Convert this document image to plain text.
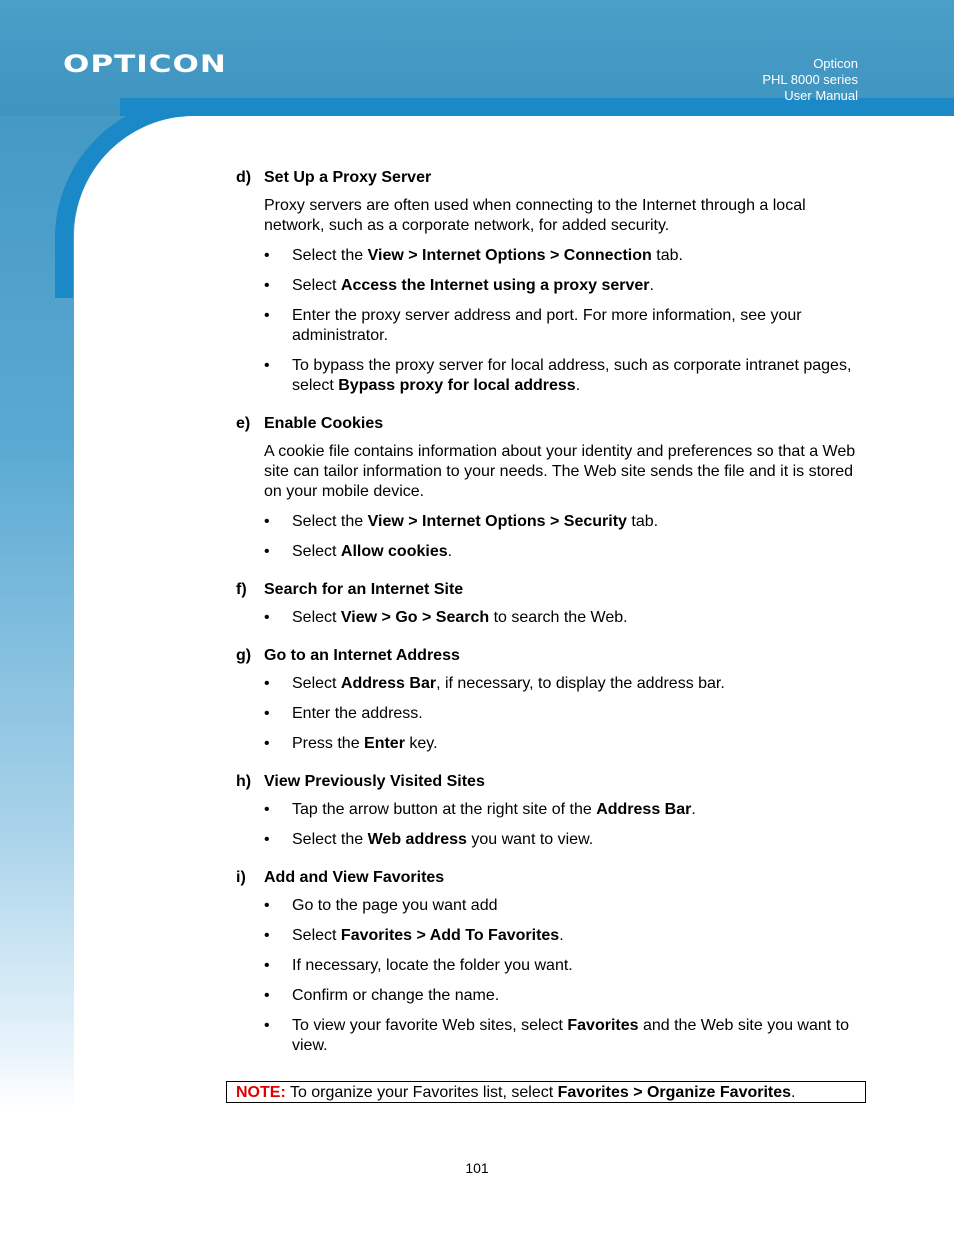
OPTICON	Opticon
PHL 8000 series
User Manual
d) Set Up a Proxy Server

Proxy servers are often used when connecting to the Internet through a local network, such as a corporate network, for added security.

• Select the View > Internet Options > Connection tab.
• Select Access the Internet using a proxy server.
• Enter the proxy server address and port. For more information, see your administrator.
• To bypass the proxy server for local address, such as corporate intranet pages, select Bypass proxy for local address.
e) Enable Cookies

A cookie file contains information about your identity and preferences so that a Web site can tailor information to your needs. The Web site sends the file and it is stored on your mobile device.

• Select the View > Internet Options > Security tab.
• Select Allow cookies.
f)	Search for an Internet Site
• Select View > Go > Search to search the Web.
g) Go to an Internet Address
• Select Address Bar, if necessary, to display the address bar.
• Enter the address.
• Press the Enter key.
h) View Previously Visited Sites
• Tap the arrow button at the right site of the Address Bar.
• Select the Web address you want to view.
i)	Add and View Favorites
• Go to the page you want add
• Select Favorites > Add To Favorites.
• If necessary, locate the folder you want.
• Confirm or change the name.
• To view your favorite Web sites, select Favorites and the Web site you want to view.
NOTE: To organize your Favorites list, select Favorites > Organize Favorites.
101
